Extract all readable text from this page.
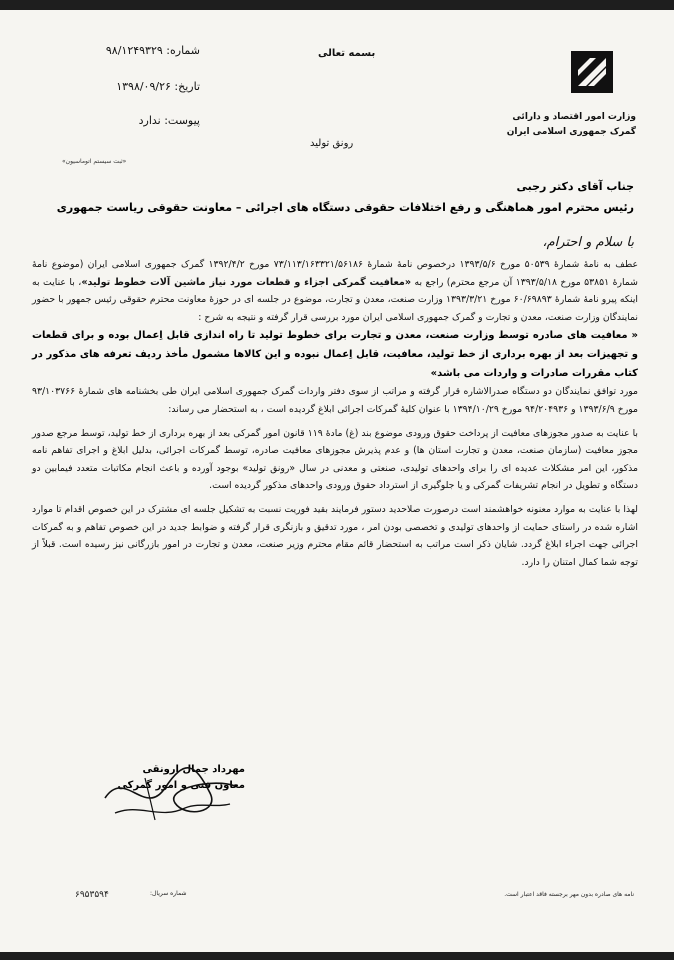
وزارت امور اقتصاد و دارائی
گمرک جمهوری اسلامی ایران
بسمه تعالی
شماره: ۹۸/۱۲۴۹۳۲۹
تاریخ: ۱۳۹۸/۰۹/۲۶
پیوست: ندارد
«ثبت سیستم اتوماسیون»
رونق تولید
جناب آقای دکتر رجبی
رئیس محترم امور هماهنگی و رفع اختلافات حقوقی دستگاه های اجرائی – معاونت حقوقی ریاست جمهوری
با سلام و احترام،

عطف به نامهٔ شمارهٔ ۵۰۵۳۹ مورخ ۱۳۹۳/۵/۶ درخصوص نامهٔ شمارهٔ ۷۳/۱۱۳/۱۶۳۳۲۱/۵۶۱۸۶ مورخ ۱۳۹۲/۴/۲ گمرک جمهوری اسلامی ایران (موضوع نامهٔ شمارهٔ ۵۳۸۵۱ مورخ ۱۳۹۳/۵/۱۸ آن مرجع محترم) راجع به «معافیت گمرکی اجزاء و قطعات مورد نیاز ماشین آلات خطوط تولید»، با عنایت به اینکه پیرو نامهٔ شمارهٔ ۶۰/۶۹۸۹۳ مورخ ۱۳۹۳/۳/۲۱ وزارت صنعت، معدن و تجارت، موضوع در جلسه ای در حوزهٔ معاونت محترم حقوقی رئیس جمهور با حضور نمایندگان وزارت صنعت، معدن و تجارت و گمرک جمهوری اسلامی ایران مورد بررسی قرار گرفته و نتیجه به شرح :

« معافیت های صادره توسط وزارت صنعت، معدن و تجارت برای خطوط تولید تا راه اندازی قابل اِعمال بوده و برای قطعات و تجهیزات بعد از بهره برداری از خط تولید، معافیت، قابل اِعمال نبوده و این کالاها مشمول مأخذ ردیف تعرفه های مذکور در کتاب مقررات صادرات و واردات می باشد»

مورد توافق نمایندگان دو دستگاه صدرالاشاره قرار گرفته و مراتب از سوی دفتر واردات گمرک جمهوری اسلامی ایران طی بخشنامه های شمارهٔ ۹۳/۱۰۳۷۶۶ مورخ ۱۳۹۳/۶/۹ و ۹۴/۲۰۴۹۳۶ مورخ ۱۳۹۴/۱۰/۲۹ با عنوان کلیهٔ گمرکات اجرائی ابلاغ گردیده است ، به استحضار می رساند:

با عنایت به صدور مجوزهای معافیت از پرداخت حقوق ورودی موضوع بند (غ) مادهٔ ۱۱۹ قانون امور گمرکی بعد از بهره برداری از خط تولید، توسط مرجع صدور مجوز معافیت (سازمان صنعت، معدن و تجارت استان ها) و عدم پذیرش مجوزهای معافیت صادره، توسط گمرکات اجرائی، بدلیل ابلاغ و اجرای تفاهم نامه مذکور، این امر مشکلات عدیده ای را برای واحدهای تولیدی، صنعتی و معدنی در سال «رونق تولید» بوجود آورده و باعث انجام مکاتبات متعدد فیمابین دو دستگاه و تطویل در انجام تشریفات گمرکی و یا جلوگیری از استرداد حقوق ورودی واحدهای مذکور گردیده است.

لهذا با عنایت به موارد معنونه خواهشمند است درصورت صلاحدید دستور فرمایند بقید فوریت نسبت به تشکیل جلسه ای مشترک در این خصوص اقدام تا موارد اشاره شده در راستای حمایت از واحدهای تولیدی و تخصصی بودن امر ، مورد تدقیق و بازنگری قرار گرفته و ضوابط جدید در این خصوص تفاهم و به گمرکات اجرائی جهت اجراء ابلاغ گردد. شایان ذکر است مراتب به استحضار قائم مقام محترم وزیر صنعت، معدن و تجارت در امور بازرگانی نیز رسیده است. قبلاً از توجه شما کمال امتنان را دارد.

مهرداد جمال ارونقی
معاون فنی و امور گمرکی
نامه های صادره بدون مهر برجسته فاقد اعتبار است.
شماره سریال:
۶۹۵۳۵۹۴
